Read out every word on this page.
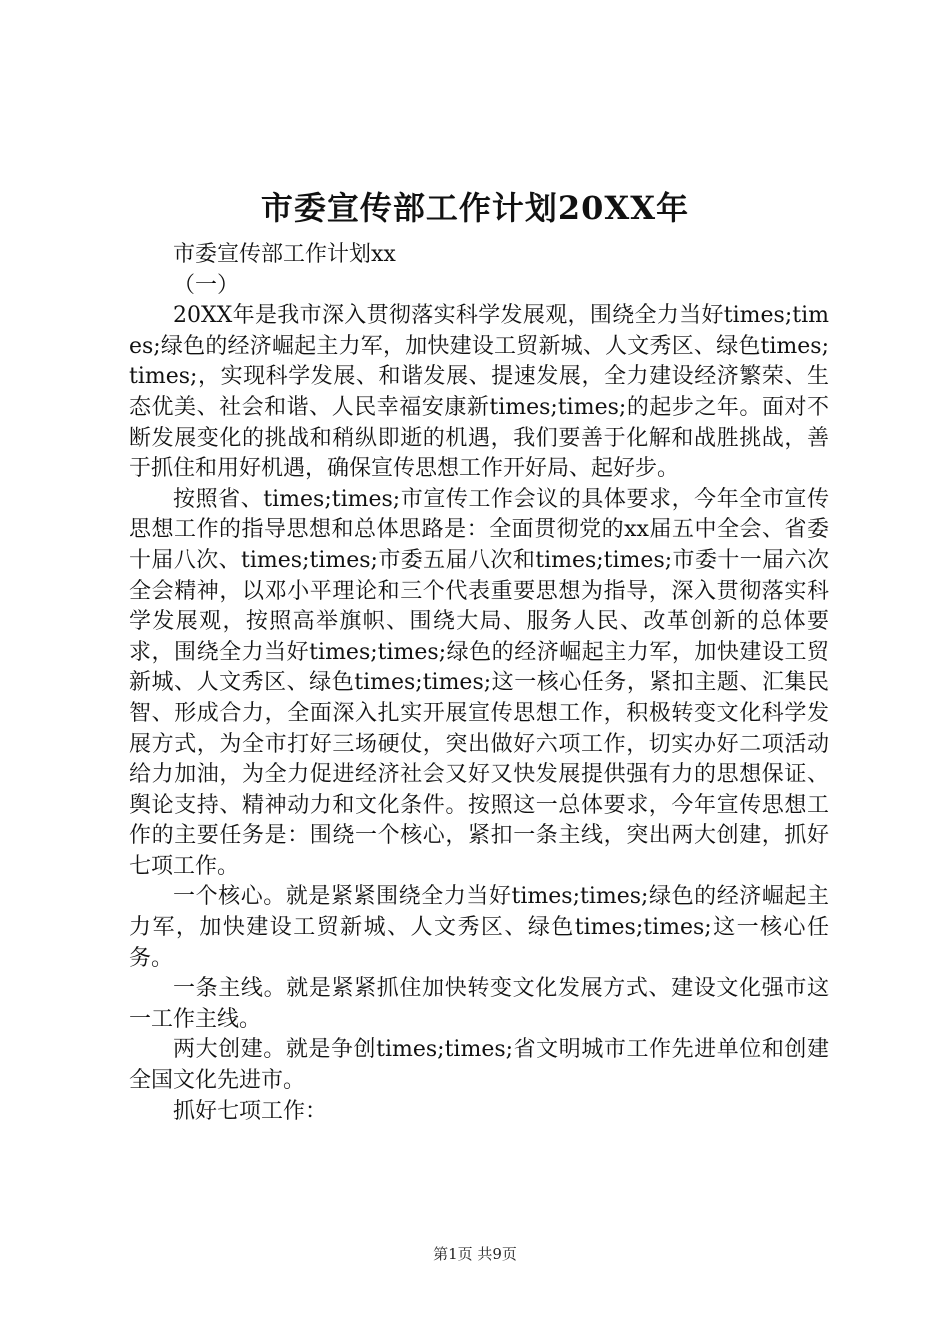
市委宣传部工作计划20XX年

市委宣传部工作计划xx

（一）

20XX年是我市深入贯彻落实科学发展观，围绕全力当好times;times;绿色的经济崛起主力军，加快建设工贸新城、人文秀区、绿色times;times;，实现科学发展、和谐发展、提速发展，全力建设经济繁荣、生态优美、社会和谐、人民幸福安康新times;times;的起步之年。面对不断发展变化的挑战和稍纵即逝的机遇，我们要善于化解和战胜挑战，善于抓住和用好机遇，确保宣传思想工作开好局、起好步。

按照省、times;times;市宣传工作会议的具体要求，今年全市宣传思想工作的指导思想和总体思路是：全面贯彻党的xx届五中全会、省委十届八次、times;times;市委五届八次和times;times;市委十一届六次全会精神，以邓小平理论和三个代表重要思想为指导，深入贯彻落实科学发展观，按照高举旗帜、围绕大局、服务人民、改革创新的总体要求，围绕全力当好times;times;绿色的经济崛起主力军，加快建设工贸新城、人文秀区、绿色times;times;这一核心任务，紧扣主题、汇集民智、形成合力，全面深入扎实开展宣传思想工作，积极转变文化科学发展方式，为全市打好三场硬仗，突出做好六项工作，切实办好二项活动给力加油，为全力促进经济社会又好又快发展提供强有力的思想保证、舆论支持、精神动力和文化条件。按照这一总体要求，今年宣传思想工作的主要任务是：围绕一个核心，紧扣一条主线，突出两大创建，抓好七项工作。

一个核心。就是紧紧围绕全力当好times;times;绿色的经济崛起主力军，加快建设工贸新城、人文秀区、绿色times;times;这一核心任务。

一条主线。就是紧紧抓住加快转变文化发展方式、建设文化强市这一工作主线。

两大创建。就是争创times;times;省文明城市工作先进单位和创建全国文化先进市。

抓好七项工作：

第1页 共9页
